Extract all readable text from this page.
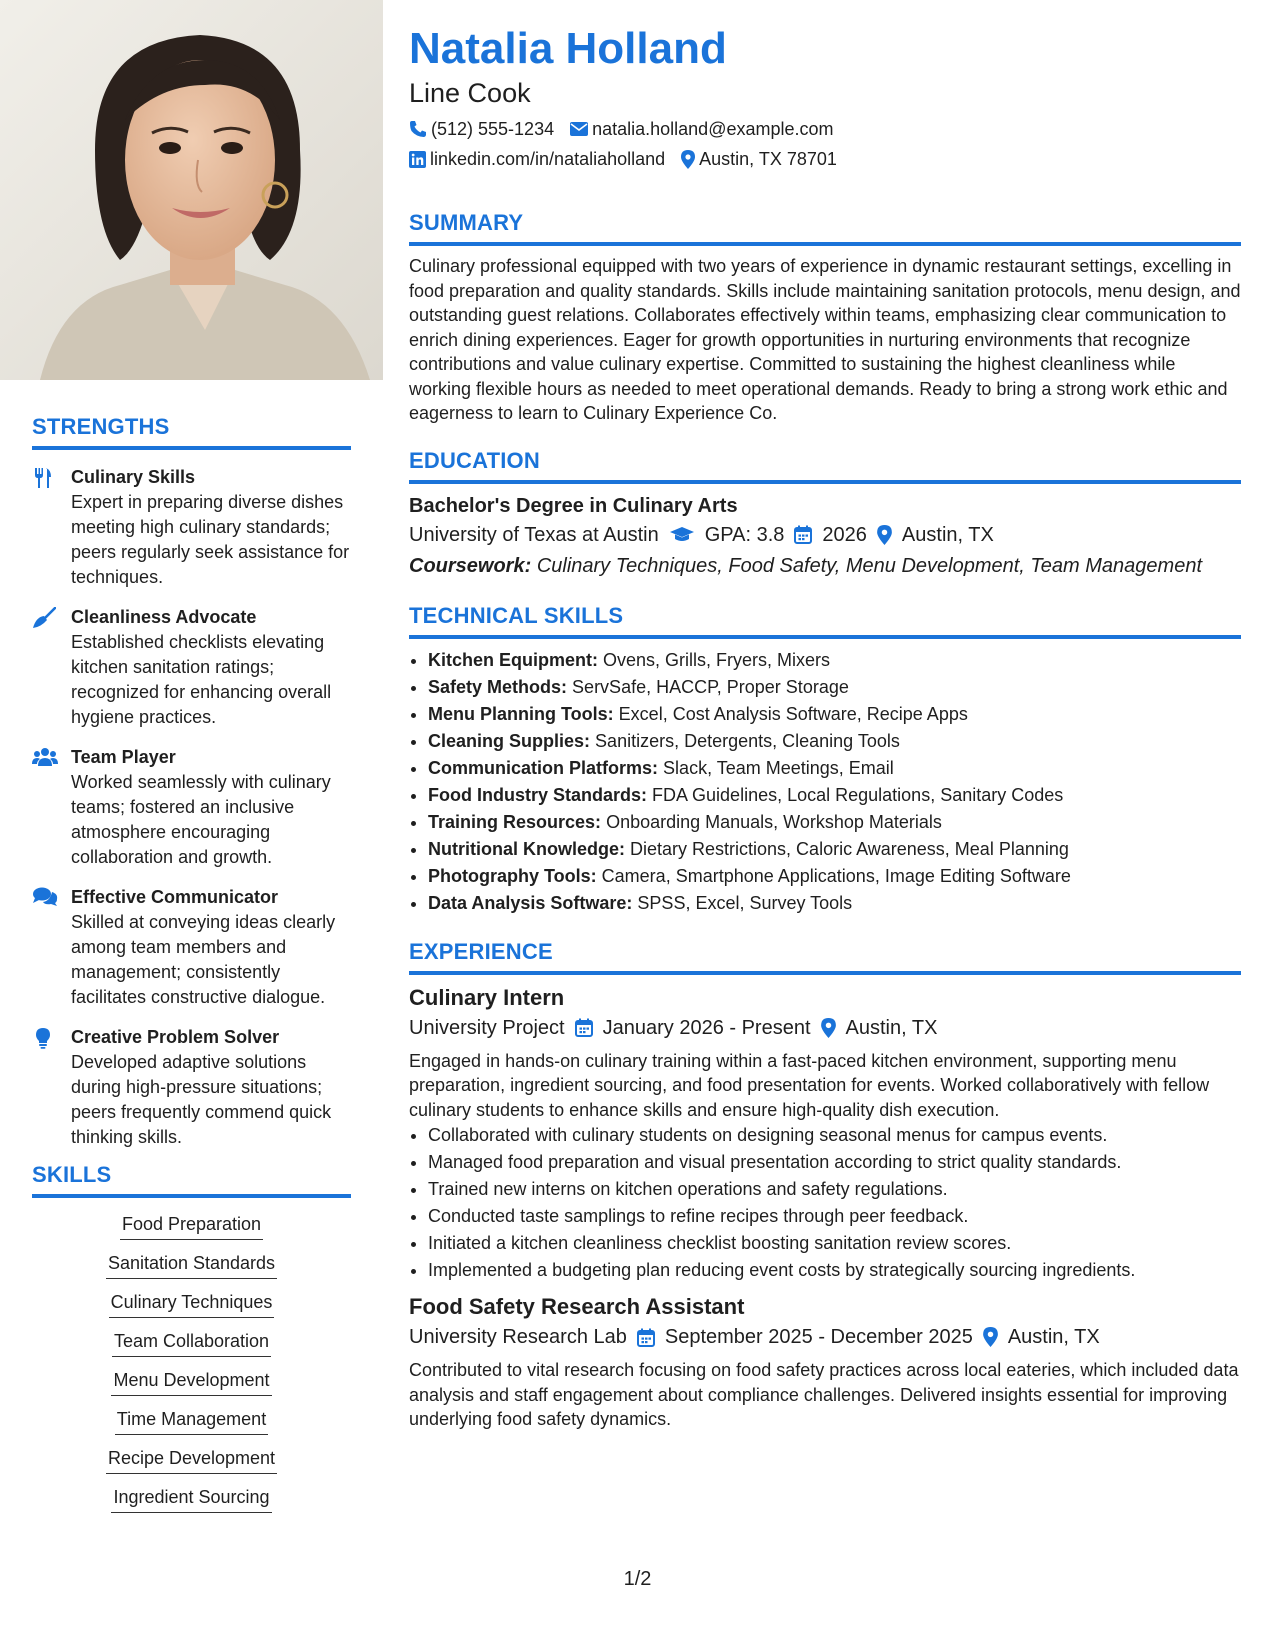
STRENGTHS
Culinary Skills
Expert in preparing diverse dishes meeting high culinary standards; peers regularly seek assistance for techniques.
Cleanliness Advocate
Established checklists elevating kitchen sanitation ratings; recognized for enhancing overall hygiene practices.
Team Player
Worked seamlessly with culinary teams; fostered an inclusive atmosphere encouraging collaboration and growth.
Effective Communicator
Skilled at conveying ideas clearly among team members and management; consistently facilitates constructive dialogue.
Creative Problem Solver
Developed adaptive solutions during high-pressure situations; peers frequently commend quick thinking skills.
SKILLS
Food Preparation
Sanitation Standards
Culinary Techniques
Team Collaboration
Menu Development
Time Management
Recipe Development
Ingredient Sourcing
Natalia Holland
Line Cook
(512) 555-1234 natalia.holland@example.com
linkedin.com/in/nataliaholland Austin, TX 78701
SUMMARY
Culinary professional equipped with two years of experience in dynamic restaurant settings, excelling in food preparation and quality standards. Skills include maintaining sanitation protocols, menu design, and outstanding guest relations. Collaborates effectively within teams, emphasizing clear communication to enrich dining experiences. Eager for growth opportunities in nurturing environments that recognize contributions and value culinary expertise. Committed to sustaining the highest cleanliness while working flexible hours as needed to meet operational demands. Ready to bring a strong work ethic and eagerness to learn to Culinary Experience Co.
EDUCATION
Bachelor's Degree in Culinary Arts
University of Texas at Austin GPA: 3.8 2026 Austin, TX
Coursework: Culinary Techniques, Food Safety, Menu Development, Team Management
TECHNICAL SKILLS
• Kitchen Equipment: Ovens, Grills, Fryers, Mixers
• Safety Methods: ServSafe, HACCP, Proper Storage
• Menu Planning Tools: Excel, Cost Analysis Software, Recipe Apps
• Cleaning Supplies: Sanitizers, Detergents, Cleaning Tools
• Communication Platforms: Slack, Team Meetings, Email
• Food Industry Standards: FDA Guidelines, Local Regulations, Sanitary Codes
• Training Resources: Onboarding Manuals, Workshop Materials
• Nutritional Knowledge: Dietary Restrictions, Caloric Awareness, Meal Planning
• Photography Tools: Camera, Smartphone Applications, Image Editing Software
• Data Analysis Software: SPSS, Excel, Survey Tools
EXPERIENCE
Culinary Intern
University Project January 2026 - Present Austin, TX
Engaged in hands-on culinary training within a fast-paced kitchen environment, supporting menu preparation, ingredient sourcing, and food presentation for events. Worked collaboratively with fellow culinary students to enhance skills and ensure high-quality dish execution.
• Collaborated with culinary students on designing seasonal menus for campus events.
• Managed food preparation and visual presentation according to strict quality standards.
• Trained new interns on kitchen operations and safety regulations.
• Conducted taste samplings to refine recipes through peer feedback.
• Initiated a kitchen cleanliness checklist boosting sanitation review scores.
• Implemented a budgeting plan reducing event costs by strategically sourcing ingredients.
Food Safety Research Assistant
University Research Lab September 2025 - December 2025 Austin, TX
Contributed to vital research focusing on food safety practices across local eateries, which included data analysis and staff engagement about compliance challenges. Delivered insights essential for improving underlying food safety dynamics.
1/2
